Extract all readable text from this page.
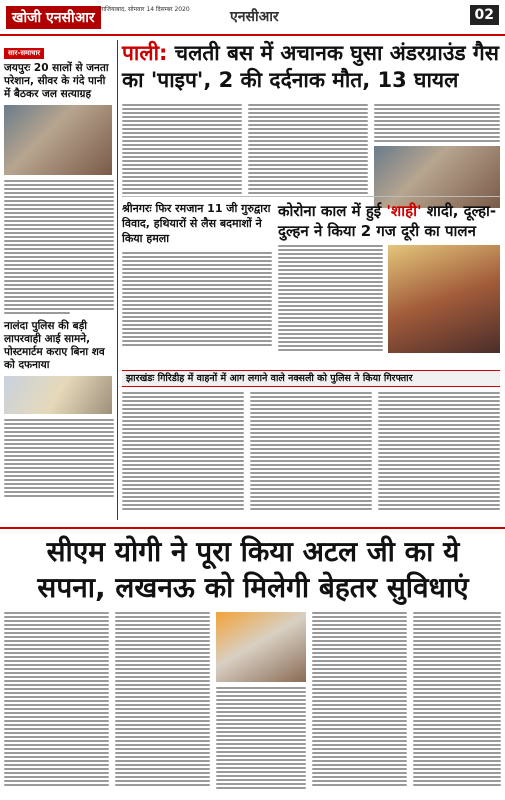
खोजी एनसीआर
गाजियाबाद, सोमवार 14 दिसम्बर 2020	एनसीआर	02
सार-समाचार
जयपुरः 20 सालों से जनता परेशान, सीवर के गंदे पानी में बैठकर जल सत्याग्रह
नालंदा पुलिस की बड़ी लापरवाही आई सामने, पोस्टमार्टम कराए बिना शव को दफनाया
पाली: चलती बस में अचानक घुसा अंडरग्राउंड गैस का 'पाइप', 2 की दर्दनाक मौत, 13 घायल
श्रीनगरः फिर रमजान 11 जी गुरुद्वारा विवाद, हथियारों से लैस बदमाशों ने किया हमला
कोरोना काल में हुई 'शाही' शादी, दूल्हा-दुल्हन ने किया 2 गज दूरी का पालन
झारखंडः गिरिडीह में वाहनों में आग लगाने वाले नक्सली को पुलिस ने किया गिरफ्तार
सीएम योगी ने पूरा किया अटल जी का ये सपना, लखनऊ को मिलेगी बेहतर सुविधाएं
